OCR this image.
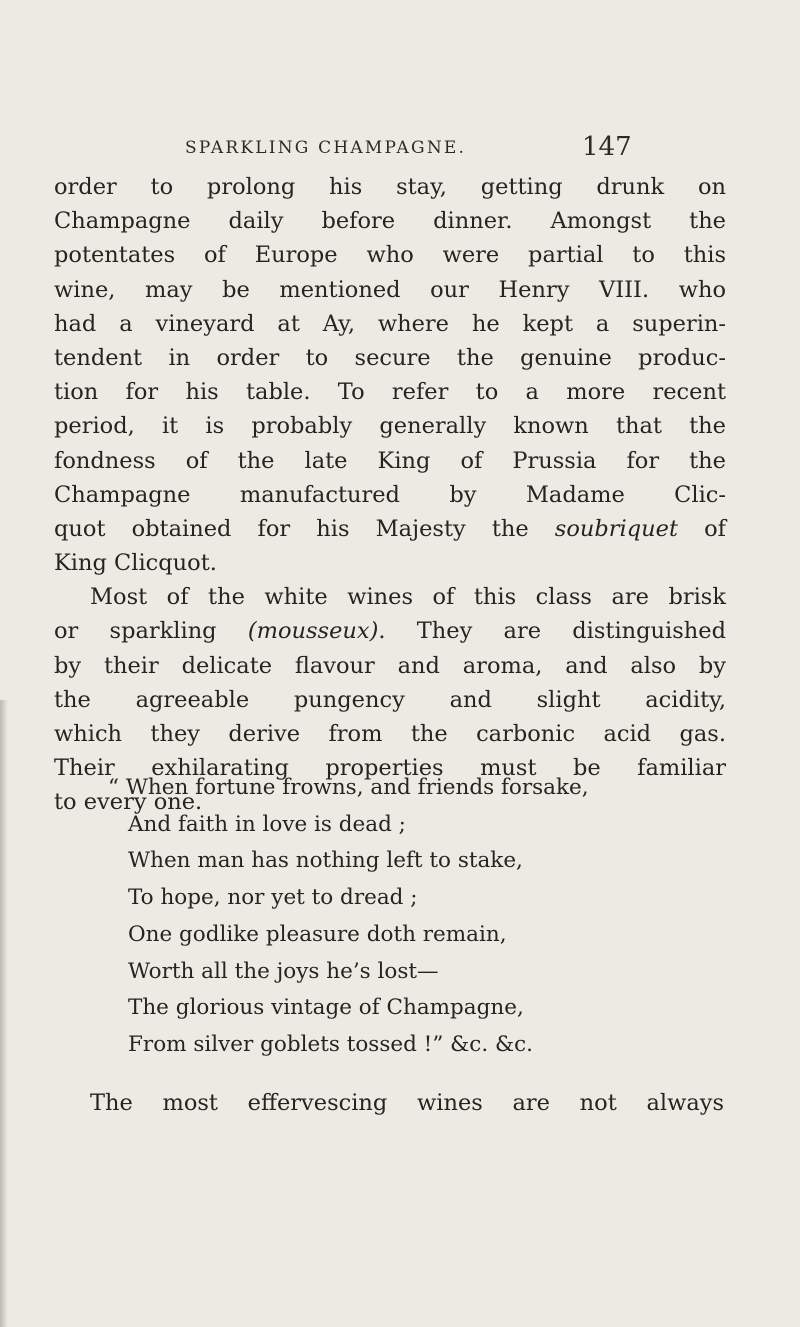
SPARKLING CHAMPAGNE.	147
order to prolong his stay, getting drunk on
Champagne daily before dinner. Amongst the
potentates of Europe who were partial to this
wine, may be mentioned our Henry VIII. who
had a vineyard at Ay, where he kept a superin-
tendent in order to secure the genuine produc-
tion for his table. To refer to a more recent
period, it is probably generally known that the
fondness of the late King of Prussia for the
Champagne manufactured by Madame Clic-
quot obtained for his Majesty the soubriquet of
King Clicquot.
Most of the white wines of this class are brisk
or sparkling (mousseux). They are distinguished
by their delicate flavour and aroma, and also by
the agreeable pungency and slight acidity,
which they derive from the carbonic acid gas.
Their exhilarating properties must be familiar
to every one.
“ When fortune frowns, and friends forsake,
And faith in love is dead ;
When man has nothing left to stake,
To hope, nor yet to dread ;
One godlike pleasure doth remain,
Worth all the joys he’s lost—
The glorious vintage of Champagne,
From silver goblets tossed !” &c. &c.
The most effervescing wines are not always
